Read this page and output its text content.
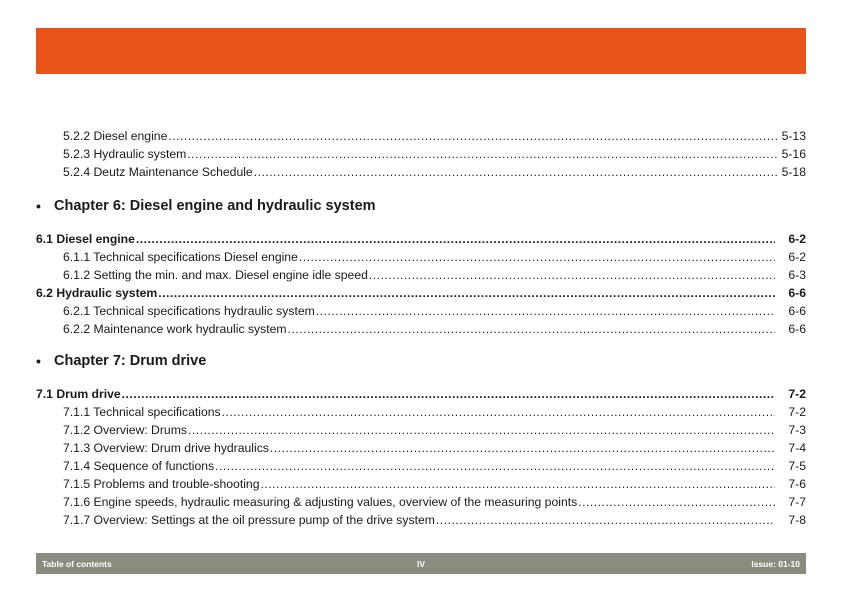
5.2.2 Diesel engine .....	5-13
5.2.3 Hydraulic system .....	5-16
5.2.4 Deutz Maintenance Schedule .....	5-18
• Chapter 6: Diesel engine and hydraulic system
6.1 Diesel engine .....	6-2
6.1.1 Technical specifications Diesel engine .....	6-2
6.1.2 Setting the min. and max. Diesel engine idle speed .....	6-3
6.2 Hydraulic system .....	6-6
6.2.1 Technical specifications hydraulic system .....	6-6
6.2.2 Maintenance work hydraulic system .....	6-6
• Chapter 7: Drum drive
7.1 Drum drive .....	7-2
7.1.1 Technical specifications .....	7-2
7.1.2 Overview: Drums .....	7-3
7.1.3 Overview: Drum drive hydraulics .....	7-4
7.1.4 Sequence of functions .....	7-5
7.1.5 Problems and trouble-shooting .....	7-6
7.1.6 Engine speeds, hydraulic measuring & adjusting values, overview of the measuring points .....	7-7
7.1.7 Overview: Settings at the oil pressure pump of the drive system .....	7-8
Table of contents	IV	Issue: 01-10
